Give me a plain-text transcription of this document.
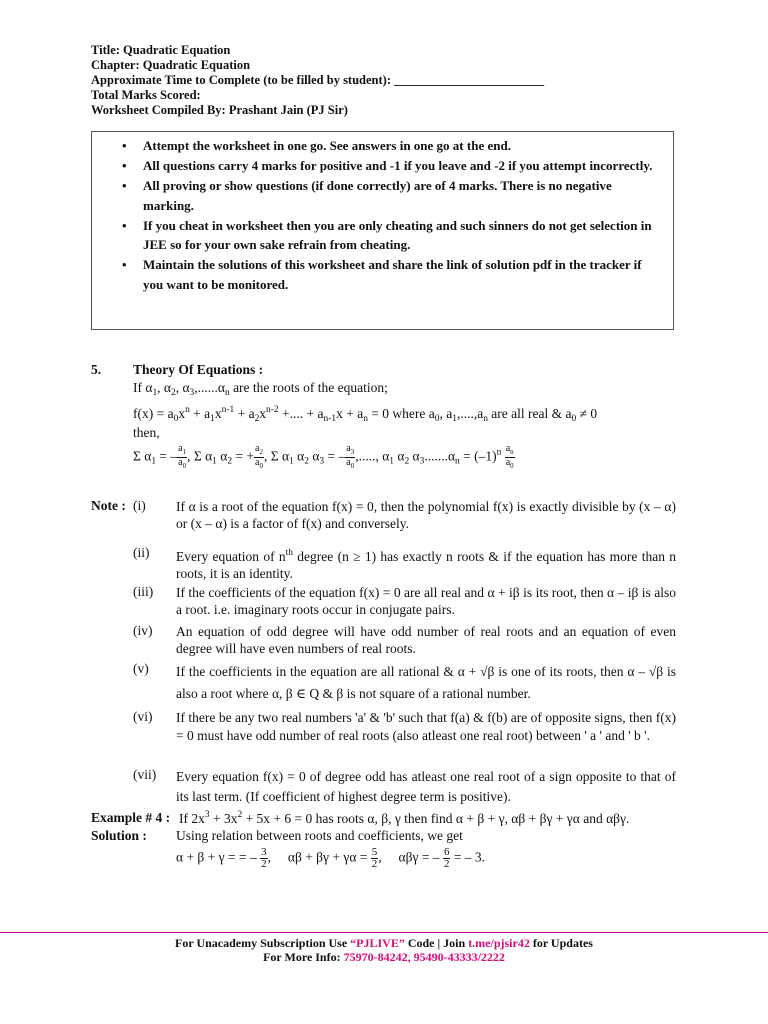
Title: Quadratic Equation
Chapter: Quadratic Equation
Approximate Time to Complete (to be filled by student): ________________________
Total Marks Scored:
Worksheet Compiled By: Prashant Jain (PJ Sir)
• Attempt the worksheet in one go. See answers in one go at the end.
• All questions carry 4 marks for positive and -1 if you leave and -2 if you attempt incorrectly.
• All proving or show questions (if done correctly) are of 4 marks. There is no negative marking.
• If you cheat in worksheet then you are only cheating and such sinners do not get selection in JEE so for your own sake refrain from cheating.
• Maintain the solutions of this worksheet and share the link of solution pdf in the tracker if you want to be monitored.
5. Theory Of Equations :
If $\alpha_1$, $\alpha_2$, $\alpha_3,......\alpha_n$ are the roots of the equation;
$f(x) = a_0x^n + a_1x^{n-1} + a_2x^{n-2}$ +.... + $a_{n-1}x + a_n = 0$ where $a_0$, $a_1,....,a_n$ are all real & $a_0 \ne 0$
then,
Σ $\alpha_1$ = – $\frac{a_1}{a_0}$ , Σ $\alpha_1$ $\alpha_2$ = + $\frac{a_2}{a_0}$ , Σ $\alpha_1$ $\alpha_2$ $\alpha_3$ = – $\frac{a_3}{a_0}$ ,....., $\alpha_1$ $\alpha_2$ $\alpha_3.......\alpha_n = (-1)^n \frac{a_n}{a_0}$
Note : (i) If α is a root of the equation f(x) = 0, then the polynomial f(x) is exactly divisible by (x – α) or (x – α) is a factor of f(x) and conversely.
(ii) Every equation of $n^{th}$ degree (n ≥ 1) has exactly n roots & if the equation has more than n roots, it is an identity.
(iii) If the coefficients of the equation f(x) = 0 are all real and α + iβ is its root, then α – iβ is also a root. i.e. imaginary roots occur in conjugate pairs.
(iv) An equation of odd degree will have odd number of real roots and an equation of even degree will have even numbers of real roots.
(v) If the coefficients in the equation are all rational & α + √β is one of its roots, then α – √β is also a root where α, β ∈ Q & β is not square of a rational number.
(vi) If there be any two real numbers 'a' & 'b' such that f(a) & f(b) are of opposite signs, then f(x) = 0 must have odd number of real roots (also atleast one real root) between ' a ' and ' b '.
(vii) Every equation f(x) = 0 of degree odd has atleast one real root of a sign opposite to that of its last term. (If coefficient of highest degree term is positive).
Example # 4 : If $2x^3 + 3x^2 + 5x + 6 = 0$ has roots α, β, γ then find α + β + γ, αβ + βγ + γα and αβγ.
Solution : Using relation between roots and coefficients, we get
α + β + γ = = – $\frac{3}{2}$ ,     $\alpha\beta + \beta\gamma + \gamma\alpha = \frac{5}{2}$ ,     αβγ = – $\frac{6}{2}$ = – 3.
For Unacademy Subscription Use “PJLIVE” Code | Join t.me/pjsir42 for Updates
For More Info: 75970-84242, 95490-43333/2222
